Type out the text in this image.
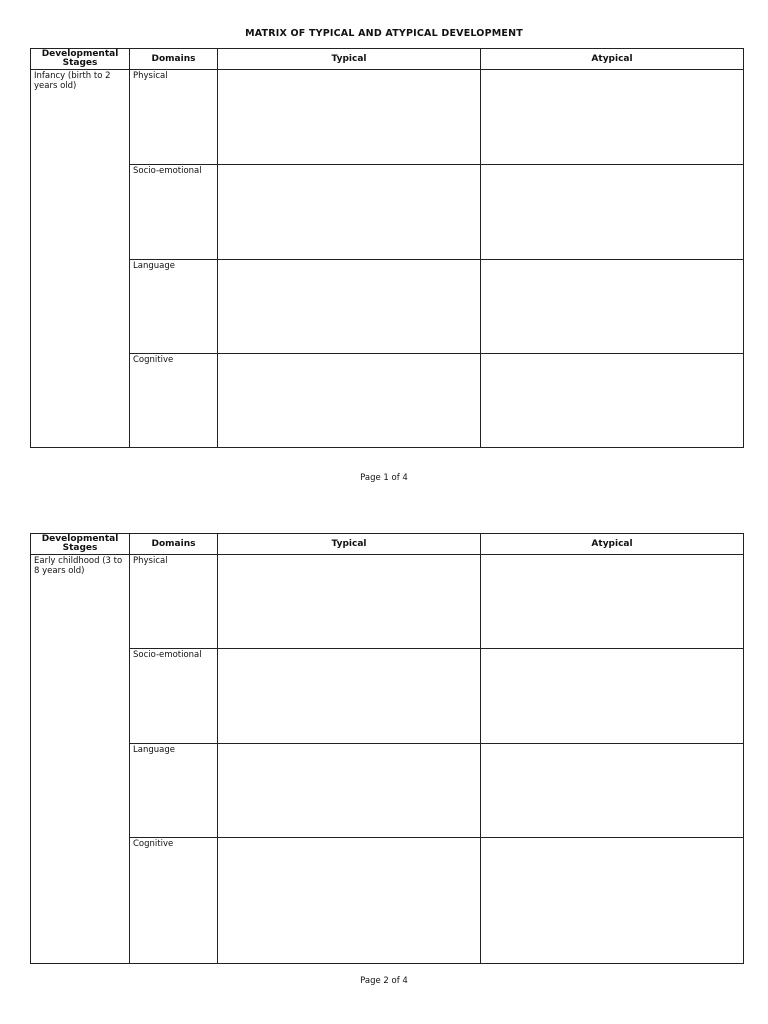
MATRIX OF TYPICAL AND ATYPICAL DEVELOPMENT
Developmental Stages	Domains	Typical	Atypical

Infancy (birth to 2 years old)	Physical		

	Socio-emotional		

	Language		

	Cognitive		

Page 1 of 4
Developmental Stages	Domains	Typical	Atypical

Early childhood (3 to 8 years old)	Physical		

	Socio-emotional		

	Language		

	Cognitive		

Page 2 of 4
